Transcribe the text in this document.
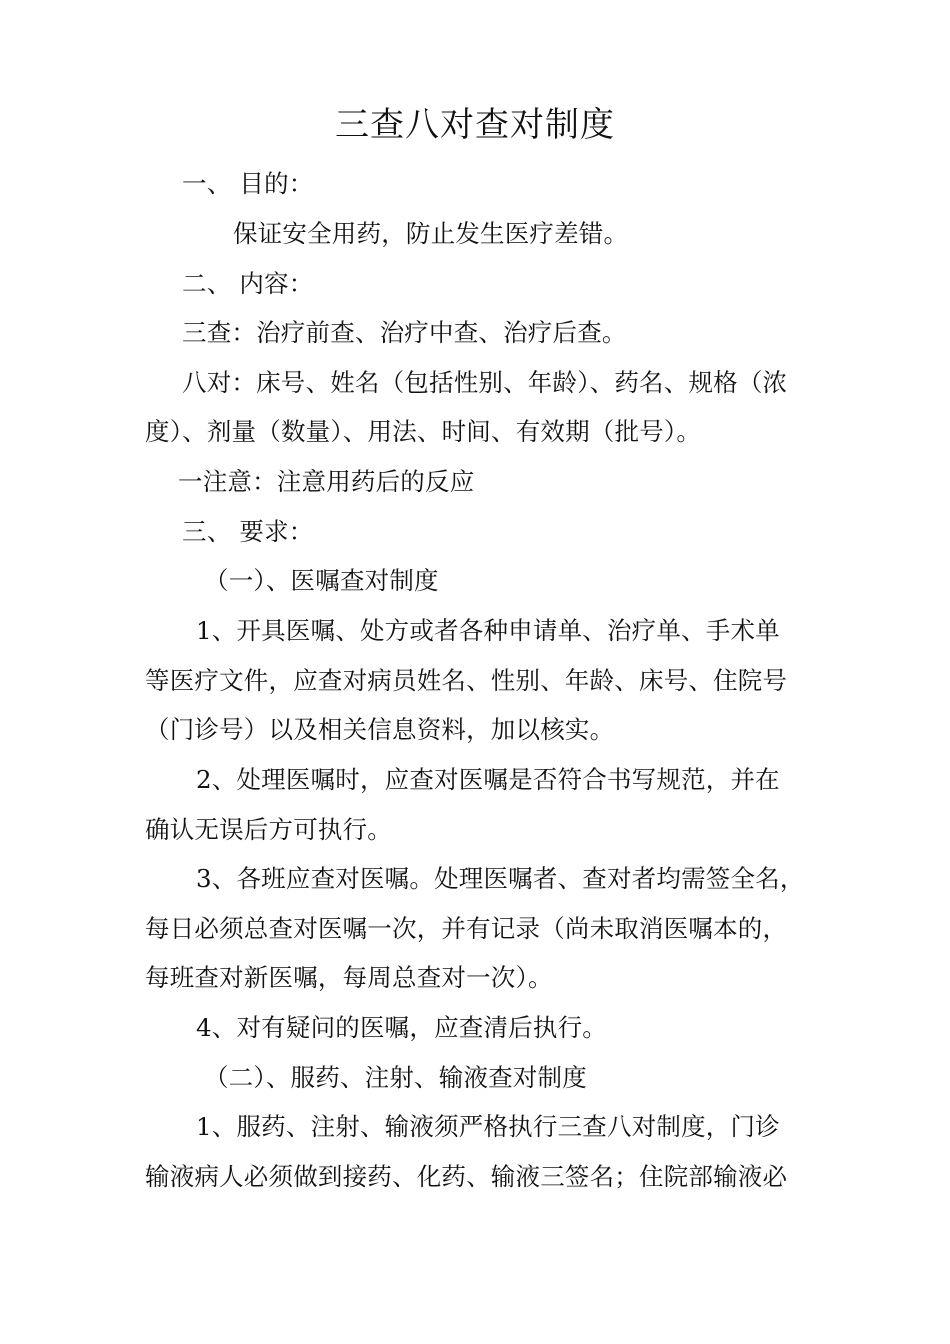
三查八对查对制度
一、 目的：
保证安全用药，防止发生医疗差错。
二、 内容：
三查：治疗前查、治疗中查、治疗后查。
八对：床号、姓名（包括性别、年龄）、药名、规格（浓
度）、剂量（数量）、用法、时间、有效期（批号）。
一注意：注意用药后的反应
三、 要求：
（一）、医嘱查对制度
1、开具医嘱、处方或者各种申请单、治疗单、手术单
等医疗文件，应查对病员姓名、性别、年龄、床号、住院号
（门诊号）以及相关信息资料，加以核实。
2、处理医嘱时，应查对医嘱是否符合书写规范，并在
确认无误后方可执行。
3、各班应查对医嘱。处理医嘱者、查对者均需签全名，
每日必须总查对医嘱一次，并有记录（尚未取消医嘱本的，
每班查对新医嘱，每周总查对一次）。
4、对有疑问的医嘱，应查清后执行。
（二）、服药、注射、输液查对制度
1、服药、注射、输液须严格执行三查八对制度，门诊
输液病人必须做到接药、化药、输液三签名；住院部输液必
